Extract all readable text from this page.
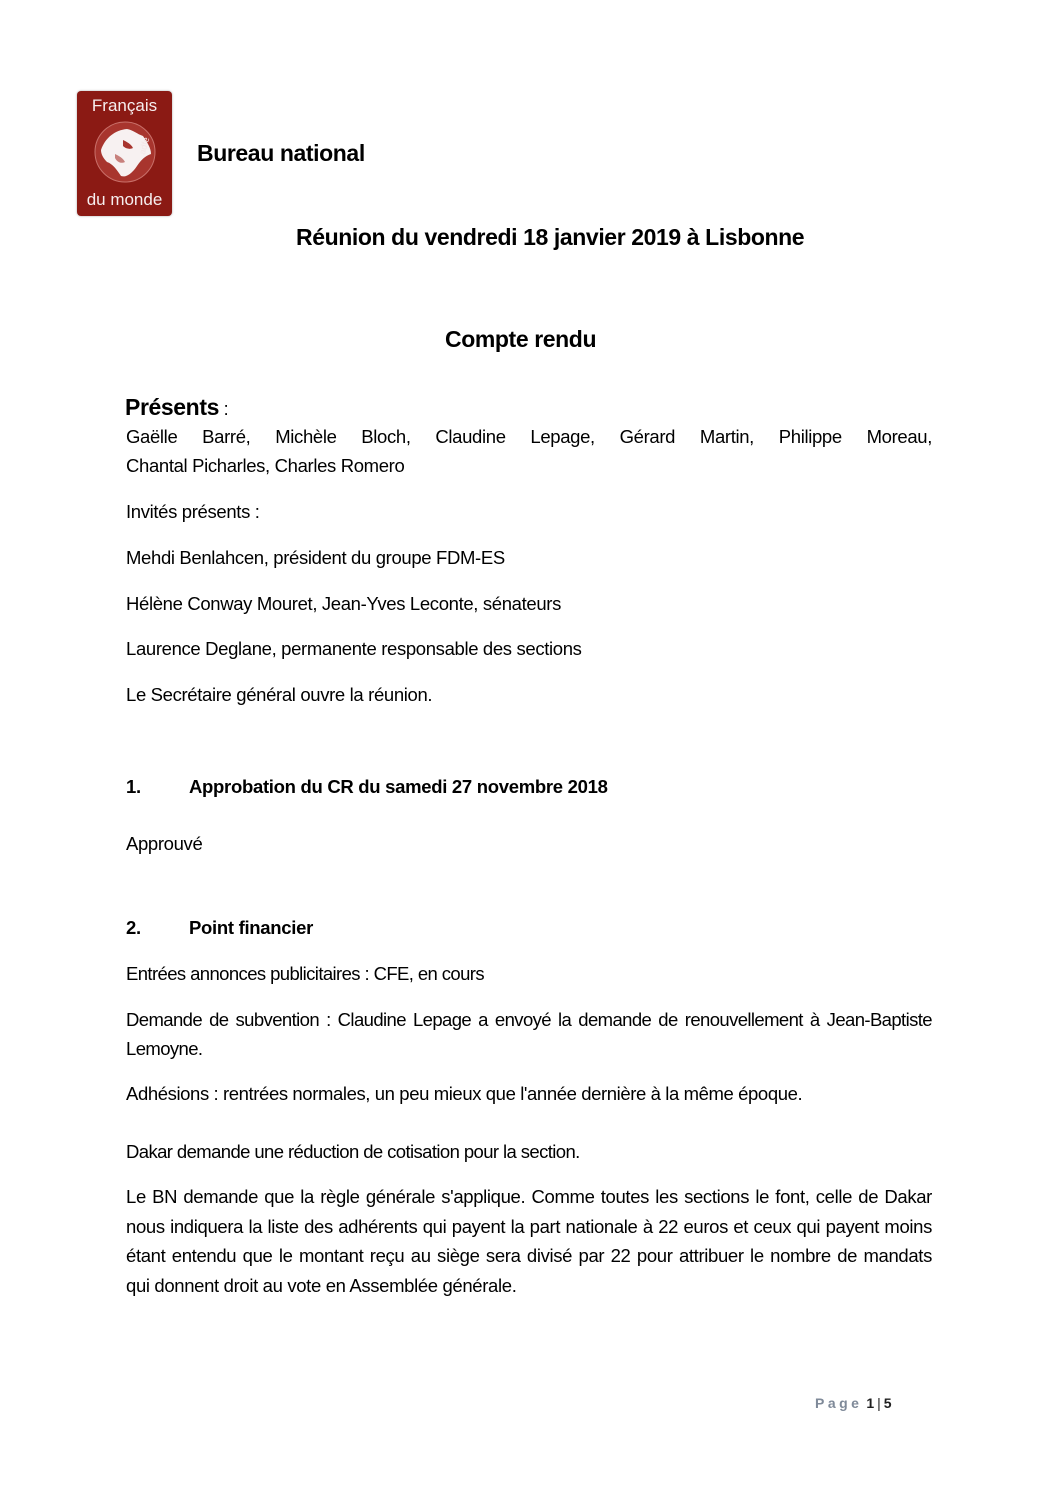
Français
adfe
du monde
Bureau national
Réunion du vendredi 18 janvier 2019 à Lisbonne
Compte rendu
Présents :
Gaëlle Barré, Michèle Bloch, Claudine Lepage, Gérard Martin, Philippe Moreau,
Chantal Picharles, Charles Romero
Invités présents :
Mehdi Benlahcen, président du groupe FDM-ES
Hélène Conway Mouret, Jean-Yves Leconte, sénateurs
Laurence Deglane, permanente responsable des sections
Le Secrétaire général ouvre la réunion.
1.	Approbation du CR du samedi 27 novembre 2018
Approuvé
2.	Point financier
Entrées annonces publicitaires : CFE, en cours
Demande de subvention : Claudine Lepage a envoyé la demande de renouvellement à Jean-Baptiste Lemoyne.
Adhésions : rentrées normales, un peu mieux que l'année dernière à la même époque.
Dakar demande une réduction de cotisation pour la section.
Le BN demande que la règle générale s'applique. Comme toutes les sections le font, celle de Dakar nous indiquera la liste des adhérents qui payent la part nationale à 22 euros et ceux qui payent moins étant entendu que le montant reçu au siège sera divisé par 22 pour attribuer le nombre de mandats qui donnent droit au vote en Assemblée générale.
Page 1 | 5
